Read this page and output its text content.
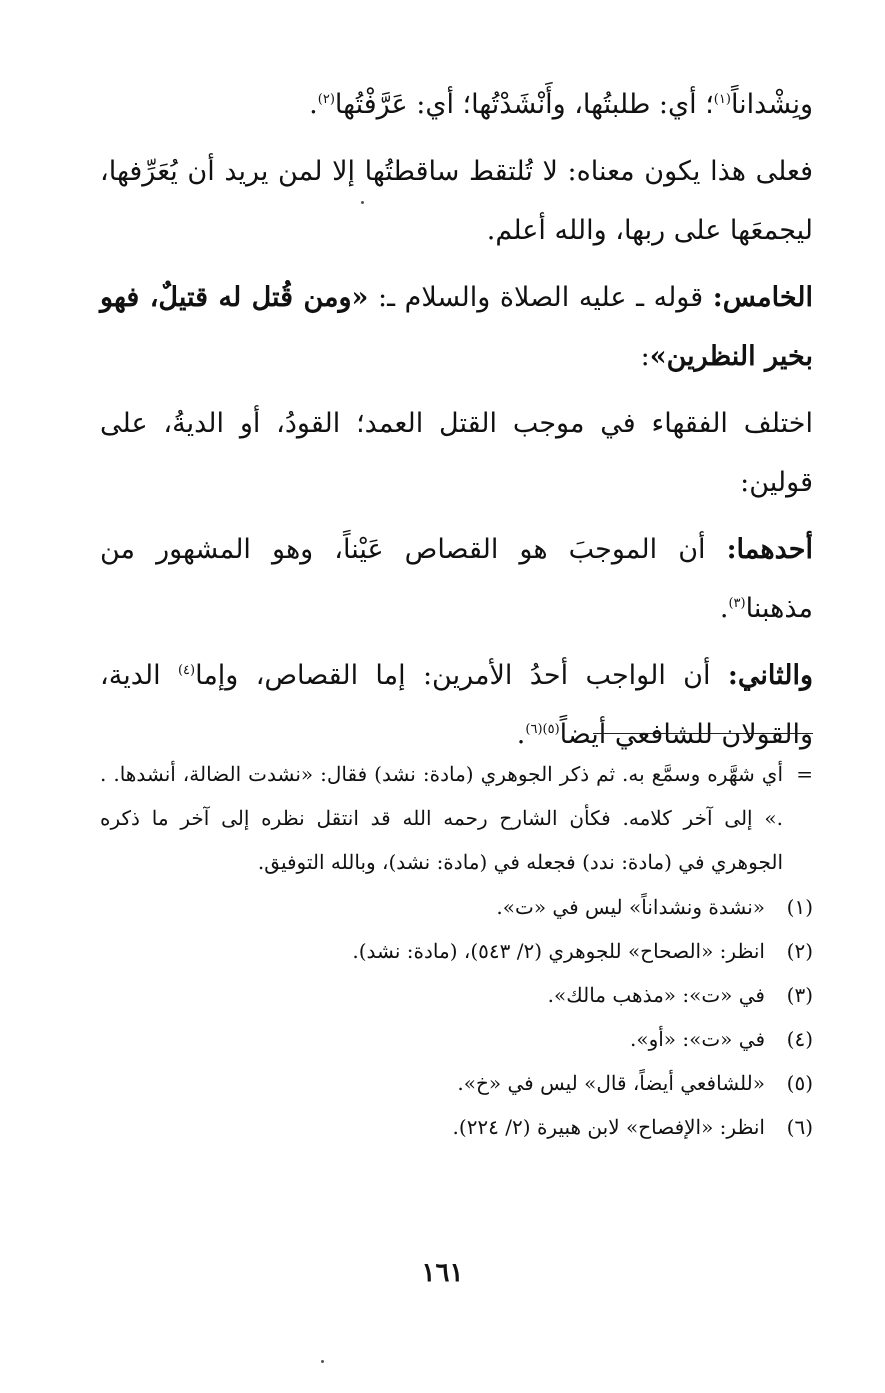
ونِشْداناً$^{(١)}$؛ أي: طلبتُها، وأَنْشَدْتُها؛ أي: عَرَّفْتُها$^{(٢)}$.

فعلى هذا يكون معناه: لا تُلتقط ساقطتُها إلا لمن يريد أن يُعَرِّفها، ليجمعَها على ربها، والله أعلم.

الخامس: قوله ـ عليه الصلاة والسلام ـ: «ومن قُتل له قتيلٌ، فهو بخير النظرين»:

اختلف الفقهاء في موجب القتل العمد؛ القودُ، أو الديةُ، على قولين:

أحدهما: أن الموجبَ هو القصاص عَيْناً، وهو المشهور من مذهبنا$^{(٣)}$.

والثاني: أن الواجب أحدُ الأمرين: إما القصاص، وإما$^{(٤)}$ الدية، والقولان للشافعي أيضاً$^{(٥)(٦)}$.

=
أي شهَّره وسمَّع به. ثم ذكر الجوهري (مادة: نشد) فقال: «نشدت الضالة، أنشدها. . .» إلى آخر كلامه. فكأن الشارح رحمه الله قد انتقل نظره إلى آخر ما ذكره الجوهري في (مادة: ندد) فجعله في (مادة: نشد)، وبالله التوفيق.
(١)
«نشدة ونشداناً» ليس في «ت».
(٢)
انظر: «الصحاح» للجوهري (٢/ ٥٤٣)، (مادة: نشد).
(٣)
في «ت»: «مذهب مالك».
(٤)
في «ت»: «أو».
(٥)
«للشافعي أيضاً، قال» ليس في «خ».
(٦)
انظر: «الإفصاح» لابن هبيرة (٢/ ٢٢٤).
١٦١
